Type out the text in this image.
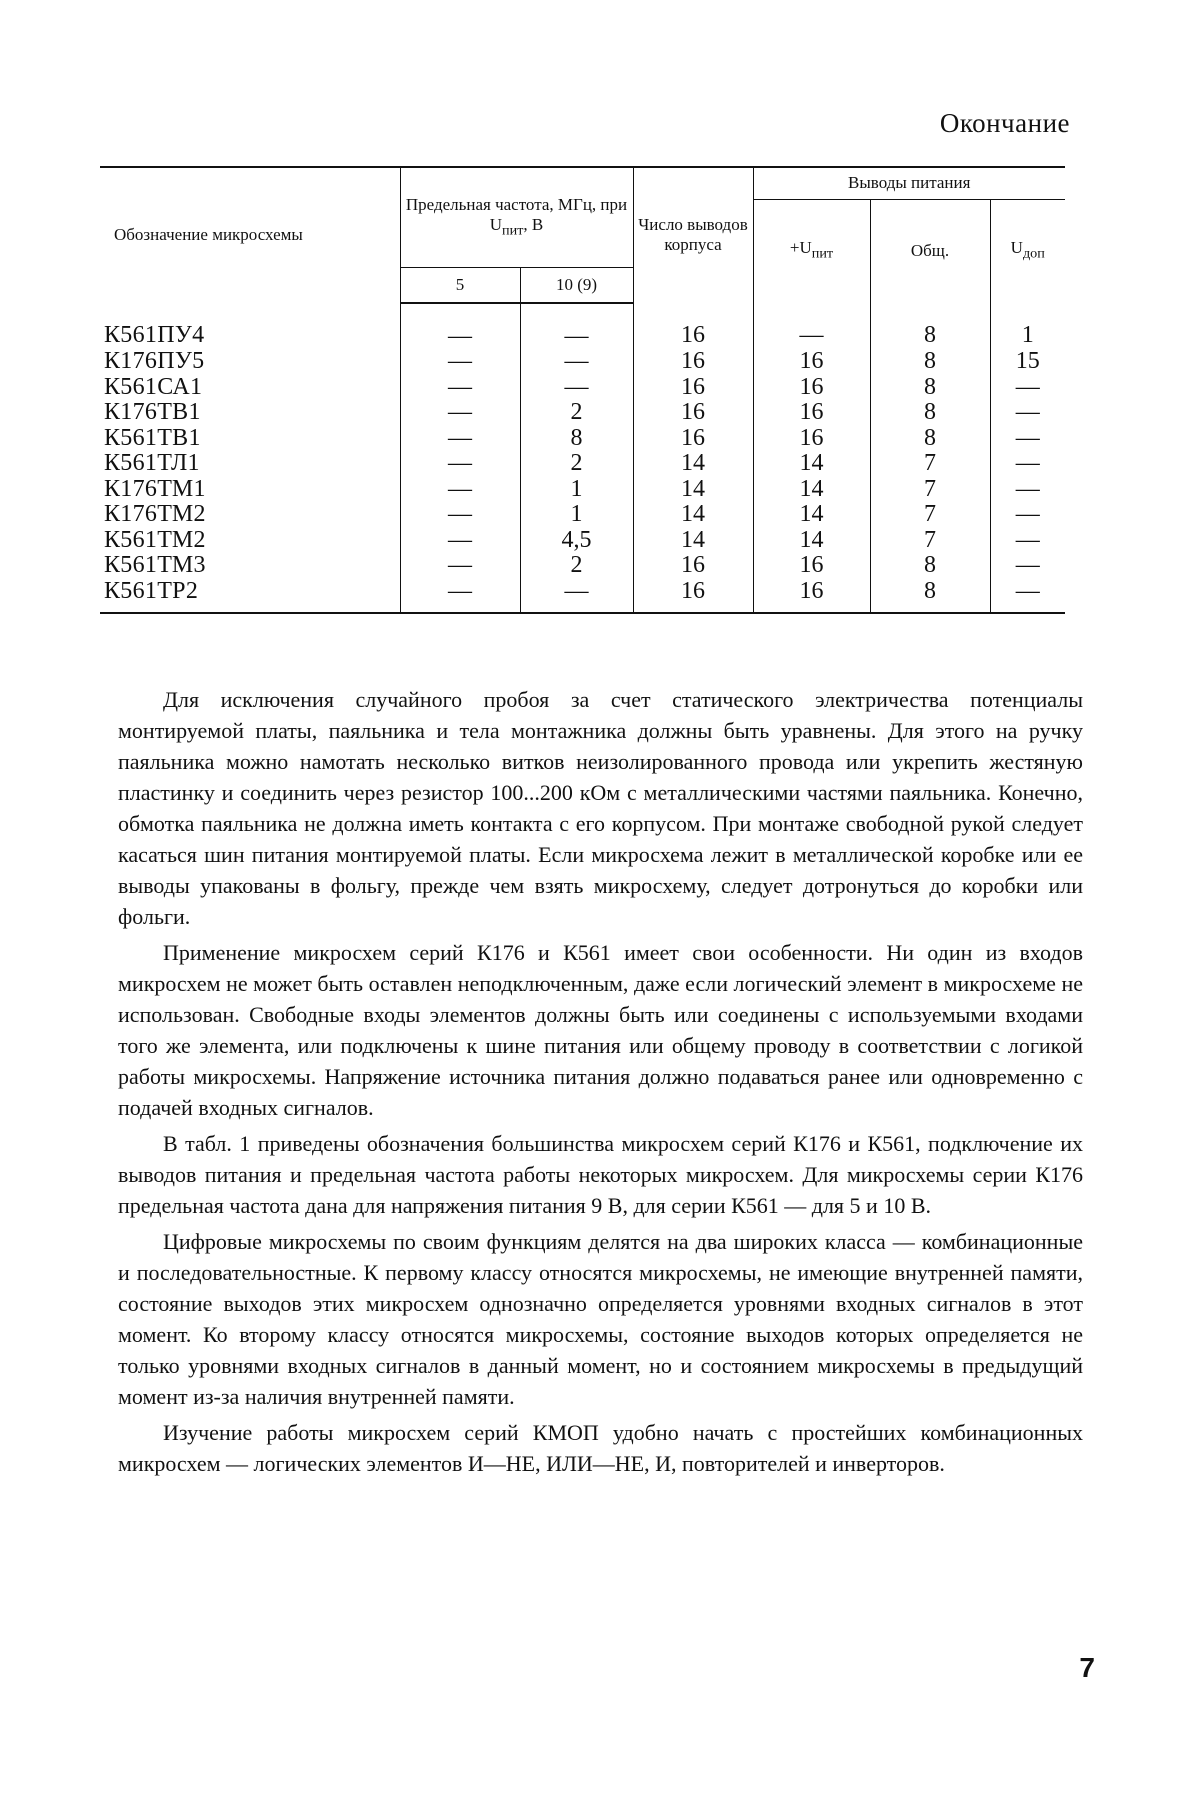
Окончание
Обозначение микросхемы	Предельная частота, МГц, при $U_{пит}$, В		Число выводов корпуса	Выводы питания		
				$+U_{пит}$	Общ.	$U_{доп}$
	5	10 (9)				
К561ПУ4	—	—	16	—	8	1
К176ПУ5	—	—	16	16	8	15
К561СА1	—	—	16	16	8	—
К176ТВ1	—	2	16	16	8	—
К561ТВ1	—	8	16	16	8	—
К561ТЛ1	—	2	14	14	7	—
К176ТМ1	—	1	14	14	7	—
К176ТМ2	—	1	14	14	7	—
К561ТМ2	—	4,5	14	14	7	—
К561ТМ3	—	2	16	16	8	—
К561ТР2	—	—	16	16	8	—

Для исключения случайного пробоя за счет статического электричества потенциалы монтируемой платы, паяльника и тела монтажника должны быть уравнены. Для этого на ручку паяльника можно намотать несколько витков неизолированного провода или укрепить жестяную пластинку и соединить через резистор 100...200 кОм с металлическими частями паяльника. Конечно, обмотка паяльника не должна иметь контакта с его корпусом. При монтаже свободной рукой следует касаться шин питания монтируемой платы. Если микросхема лежит в металлической коробке или ее выводы упакованы в фольгу, прежде чем взять микросхему, следует дотронуться до коробки или фольги.

Применение микросхем серий К176 и К561 имеет свои особенности. Ни один из входов микросхем не может быть оставлен неподключенным, даже если логический элемент в микросхеме не использован. Свободные входы элементов должны быть или соединены с используемыми входами того же элемента, или подключены к шине питания или общему проводу в соответствии с логикой работы микросхемы. Напряжение источника питания должно подаваться ранее или одновременно с подачей входных сигналов.

В табл. 1 приведены обозначения большинства микросхем серий К176 и К561, подключение их выводов питания и предельная частота работы некоторых микросхем. Для микросхемы серии К176 предельная частота дана для напряжения питания 9 В, для серии К561 — для 5 и 10 В.

Цифровые микросхемы по своим функциям делятся на два широких класса — комбинационные и последовательностные. К первому классу относятся микросхемы, не имеющие внутренней памяти, состояние выходов этих микросхем однозначно определяется уровнями входных сигналов в этот момент. Ко второму классу относятся микросхемы, состояние выходов которых определяется не только уровнями входных сигналов в данный момент, но и состоянием микросхемы в предыдущий момент из-за наличия внутренней памяти.

Изучение работы микросхем серий КМОП удобно начать с простейших комбинационных микросхем — логических элементов И—НЕ, ИЛИ—НЕ, И, повторителей и инверторов.

7
